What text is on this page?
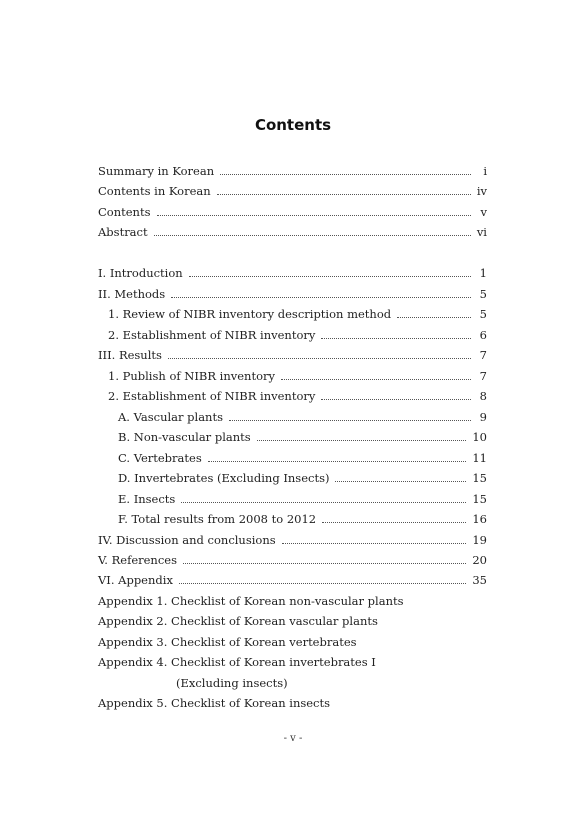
Contents
Summary in Korean	i
Contents in Korean	iv
Contents	v
Abstract	vi
I. Introduction	1
II. Methods	5
1. Review of NIBR inventory description method	5
2. Establishment of NIBR inventory	6
III. Results	7
1. Publish of NIBR inventory	7
2. Establishment of NIBR inventory	8
A. Vascular plants	9
B. Non-vascular plants	10
C. Vertebrates	11
D. Invertebrates (Excluding Insects)	15
E. Insects	15
F. Total results from 2008 to 2012	16
IV. Discussion and conclusions	19
V. References	20
VI. Appendix	35
Appendix 1. Checklist of Korean non-vascular plants
Appendix 2. Checklist of Korean vascular plants
Appendix 3. Checklist of Korean vertebrates
Appendix 4. Checklist of Korean invertebrates I
(Excluding insects)
Appendix 5. Checklist of Korean insects
- v -
